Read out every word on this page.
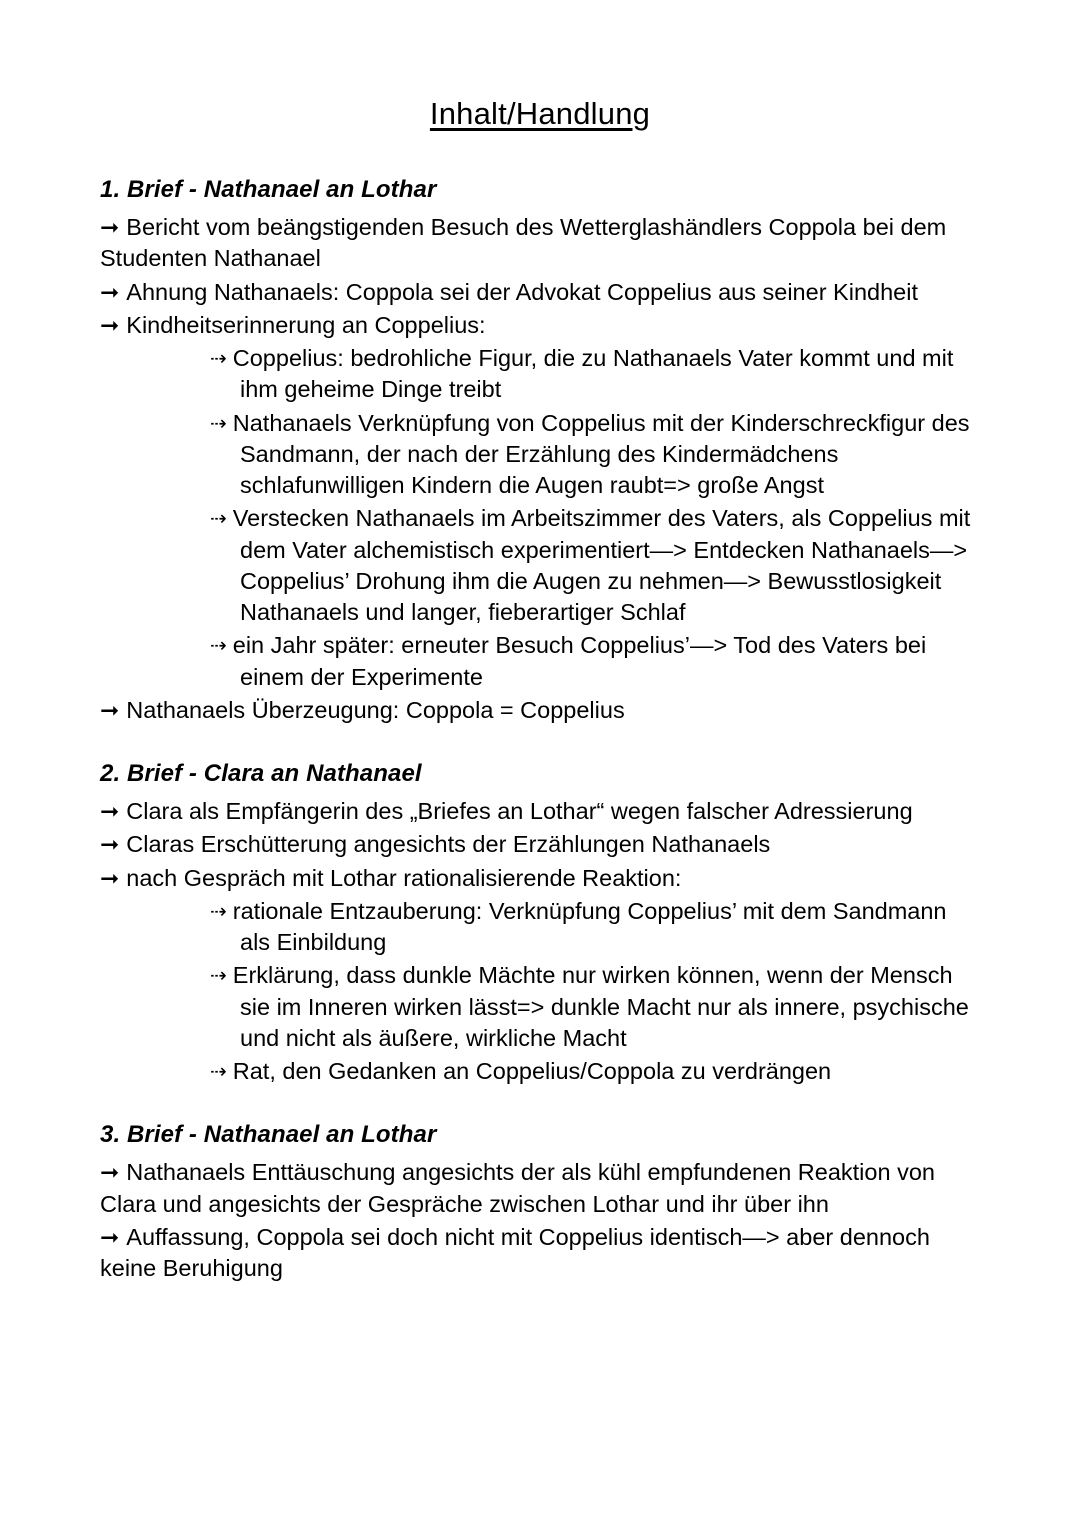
Inhalt/Handlung
1. Brief - Nathanael an Lothar

➞ Bericht vom beängstigenden Besuch des Wetterglashändlers Coppola bei dem Studenten Nathanael

➞ Ahnung Nathanaels: Coppola sei der Advokat Coppelius aus seiner Kindheit

➞ Kindheitserinnerung an Coppelius:

⇢ Coppelius: bedrohliche Figur, die zu Nathanaels Vater kommt und mit ihm geheime Dinge treibt

⇢ Nathanaels Verknüpfung von Coppelius mit der Kinderschreckfigur des Sandmann, der nach der Erzählung des Kindermädchens schlafunwilligen Kindern die Augen raubt=> große Angst

⇢ Verstecken Nathanaels im Arbeitszimmer des Vaters, als Coppelius mit dem Vater alchemistisch experimentiert—> Entdecken Nathanaels—> Coppelius’ Drohung ihm die Augen zu nehmen—> Bewusstlosigkeit Nathanaels und langer, fieberartiger Schlaf

⇢ ein Jahr später: erneuter Besuch Coppelius’—> Tod des Vaters bei einem der Experimente

➞ Nathanaels Überzeugung: Coppola = Coppelius

2. Brief - Clara an Nathanael

➞ Clara als Empfängerin des „Briefes an Lothar“ wegen falscher Adressierung

➞ Claras Erschütterung angesichts der Erzählungen Nathanaels

➞ nach Gespräch mit Lothar rationalisierende Reaktion:

⇢ rationale Entzauberung: Verknüpfung Coppelius’ mit dem Sandmann als Einbildung

⇢ Erklärung, dass dunkle Mächte nur wirken können, wenn der Mensch sie im Inneren wirken lässt=> dunkle Macht nur als innere, psychische und nicht als äußere, wirkliche Macht

⇢ Rat, den Gedanken an Coppelius/Coppola zu verdrängen

3. Brief - Nathanael an Lothar

➞ Nathanaels Enttäuschung angesichts der als kühl empfundenen Reaktion von Clara und angesichts der Gespräche zwischen Lothar und ihr über ihn

➞ Auffassung, Coppola sei doch nicht mit Coppelius identisch—> aber dennoch keine Beruhigung
